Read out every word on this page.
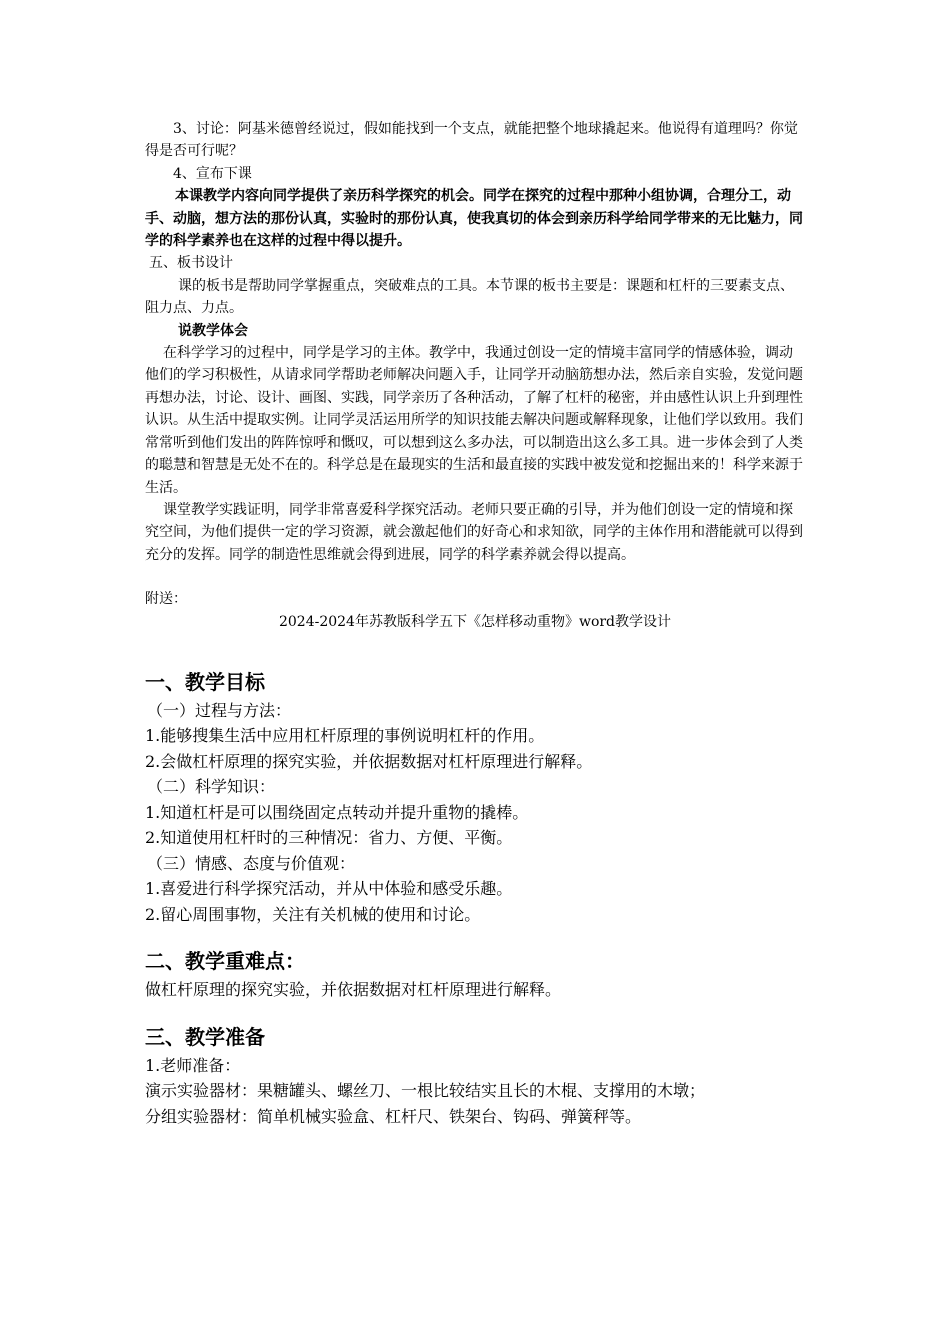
3、讨论：阿基米德曾经说过，假如能找到一个支点，就能把整个地球撬起来。他说得有道理吗？你觉得是否可行呢？

4、宣布下课

本课教学内容向同学提供了亲历科学探究的机会。同学在探究的过程中那种小组协调，合理分工，动手、动脑，想方法的那份认真，实验时的那份认真，使我真切的体会到亲历科学给同学带来的无比魅力，同学的科学素养也在这样的过程中得以提升。

五、板书设计

课的板书是帮助同学掌握重点，突破难点的工具。本节课的板书主要是：课题和杠杆的三要素支点、阻力点、力点。

说教学体会

在科学学习的过程中，同学是学习的主体。教学中，我通过创设一定的情境丰富同学的情感体验，调动他们的学习积极性，从请求同学帮助老师解决问题入手，让同学开动脑筋想办法，然后亲自实验，发觉问题再想办法，讨论、设计、画图、实践，同学亲历了各种活动，了解了杠杆的秘密，并由感性认识上升到理性认识。从生活中提取实例。让同学灵活运用所学的知识技能去解决问题或解释现象，让他们学以致用。我们常常听到他们发出的阵阵惊呼和慨叹，可以想到这么多办法，可以制造出这么多工具。进一步体会到了人类的聪慧和智慧是无处不在的。科学总是在最现实的生活和最直接的实践中被发觉和挖掘出来的！科学来源于生活。

课堂教学实践证明，同学非常喜爱科学探究活动。老师只要正确的引导，并为他们创设一定的情境和探究空间，为他们提供一定的学习资源，就会激起他们的好奇心和求知欲，同学的主体作用和潜能就可以得到充分的发挥。同学的制造性思维就会得到进展，同学的科学素养就会得以提高。

附送：

2024-2024年苏教版科学五下《怎样移动重物》word教学设计

一、教学目标

（一）过程与方法：

1.能够搜集生活中应用杠杆原理的事例说明杠杆的作用。

2.会做杠杆原理的探究实验，并依据数据对杠杆原理进行解释。

（二）科学知识：

1.知道杠杆是可以围绕固定点转动并提升重物的撬棒。

2.知道使用杠杆时的三种情况：省力、方便、平衡。

（三）情感、态度与价值观：

1.喜爱进行科学探究活动，并从中体验和感受乐趣。

2.留心周围事物，关注有关机械的使用和讨论。

二、教学重难点：

做杠杆原理的探究实验，并依据数据对杠杆原理进行解释。

三、教学准备

1.老师准备：

演示实验器材：果糖罐头、螺丝刀、一根比较结实且长的木棍、支撑用的木墩；

分组实验器材：简单机械实验盒、杠杆尺、铁架台、钩码、弹簧秤等。
